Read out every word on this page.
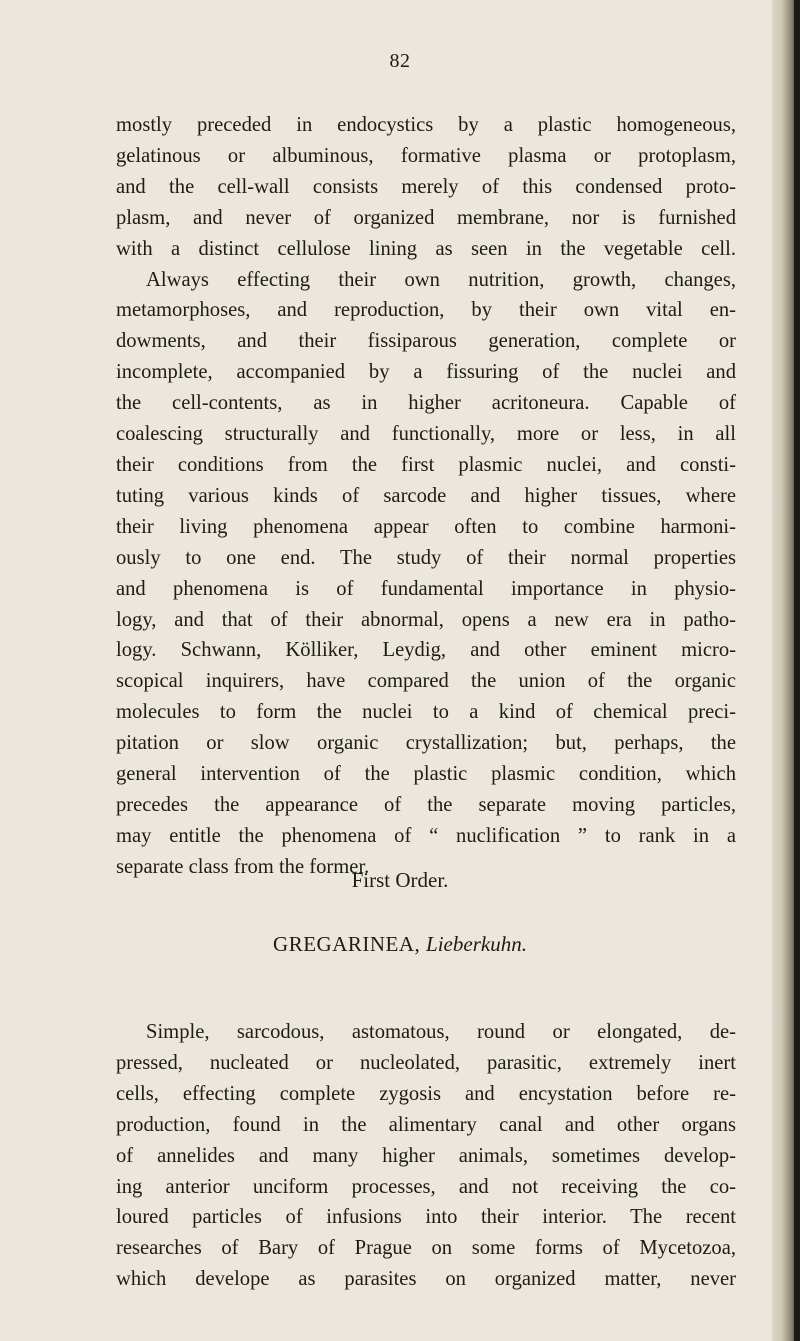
82
mostly preceded in endocystics by a plastic homogeneous,
gelatinous or albuminous, formative plasma or protoplasm,
and the cell-wall consists merely of this condensed proto-
plasm, and never of organized membrane, nor is furnished
with a distinct cellulose lining as seen in the vegetable cell.
Always effecting their own nutrition, growth, changes,
metamorphoses, and reproduction, by their own vital en-
dowments, and their fissiparous generation, complete or
incomplete, accompanied by a fissuring of the nuclei and
the cell-contents, as in higher acritoneura. Capable of
coalescing structurally and functionally, more or less, in all
their conditions from the first plasmic nuclei, and consti-
tuting various kinds of sarcode and higher tissues, where
their living phenomena appear often to combine harmoni-
ously to one end. The study of their normal properties
and phenomena is of fundamental importance in physio-
logy, and that of their abnormal, opens a new era in patho-
logy. Schwann, Kölliker, Leydig, and other eminent micro-
scopical inquirers, have compared the union of the organic
molecules to form the nuclei to a kind of chemical preci-
pitation or slow organic crystallization; but, perhaps, the
general intervention of the plastic plasmic condition, which
precedes the appearance of the separate moving particles,
may entitle the phenomena of “ nuclification ” to rank in a
separate class from the former.
First Order.
GREGARINEA, Lieberkuhn.
Simple, sarcodous, astomatous, round or elongated, de-
pressed, nucleated or nucleolated, parasitic, extremely inert
cells, effecting complete zygosis and encystation before re-
production, found in the alimentary canal and other organs
of annelides and many higher animals, sometimes develop-
ing anterior unciform processes, and not receiving the co-
loured particles of infusions into their interior. The recent
researches of Bary of Prague on some forms of Mycetozoa,
which develope as parasites on organized matter, never
